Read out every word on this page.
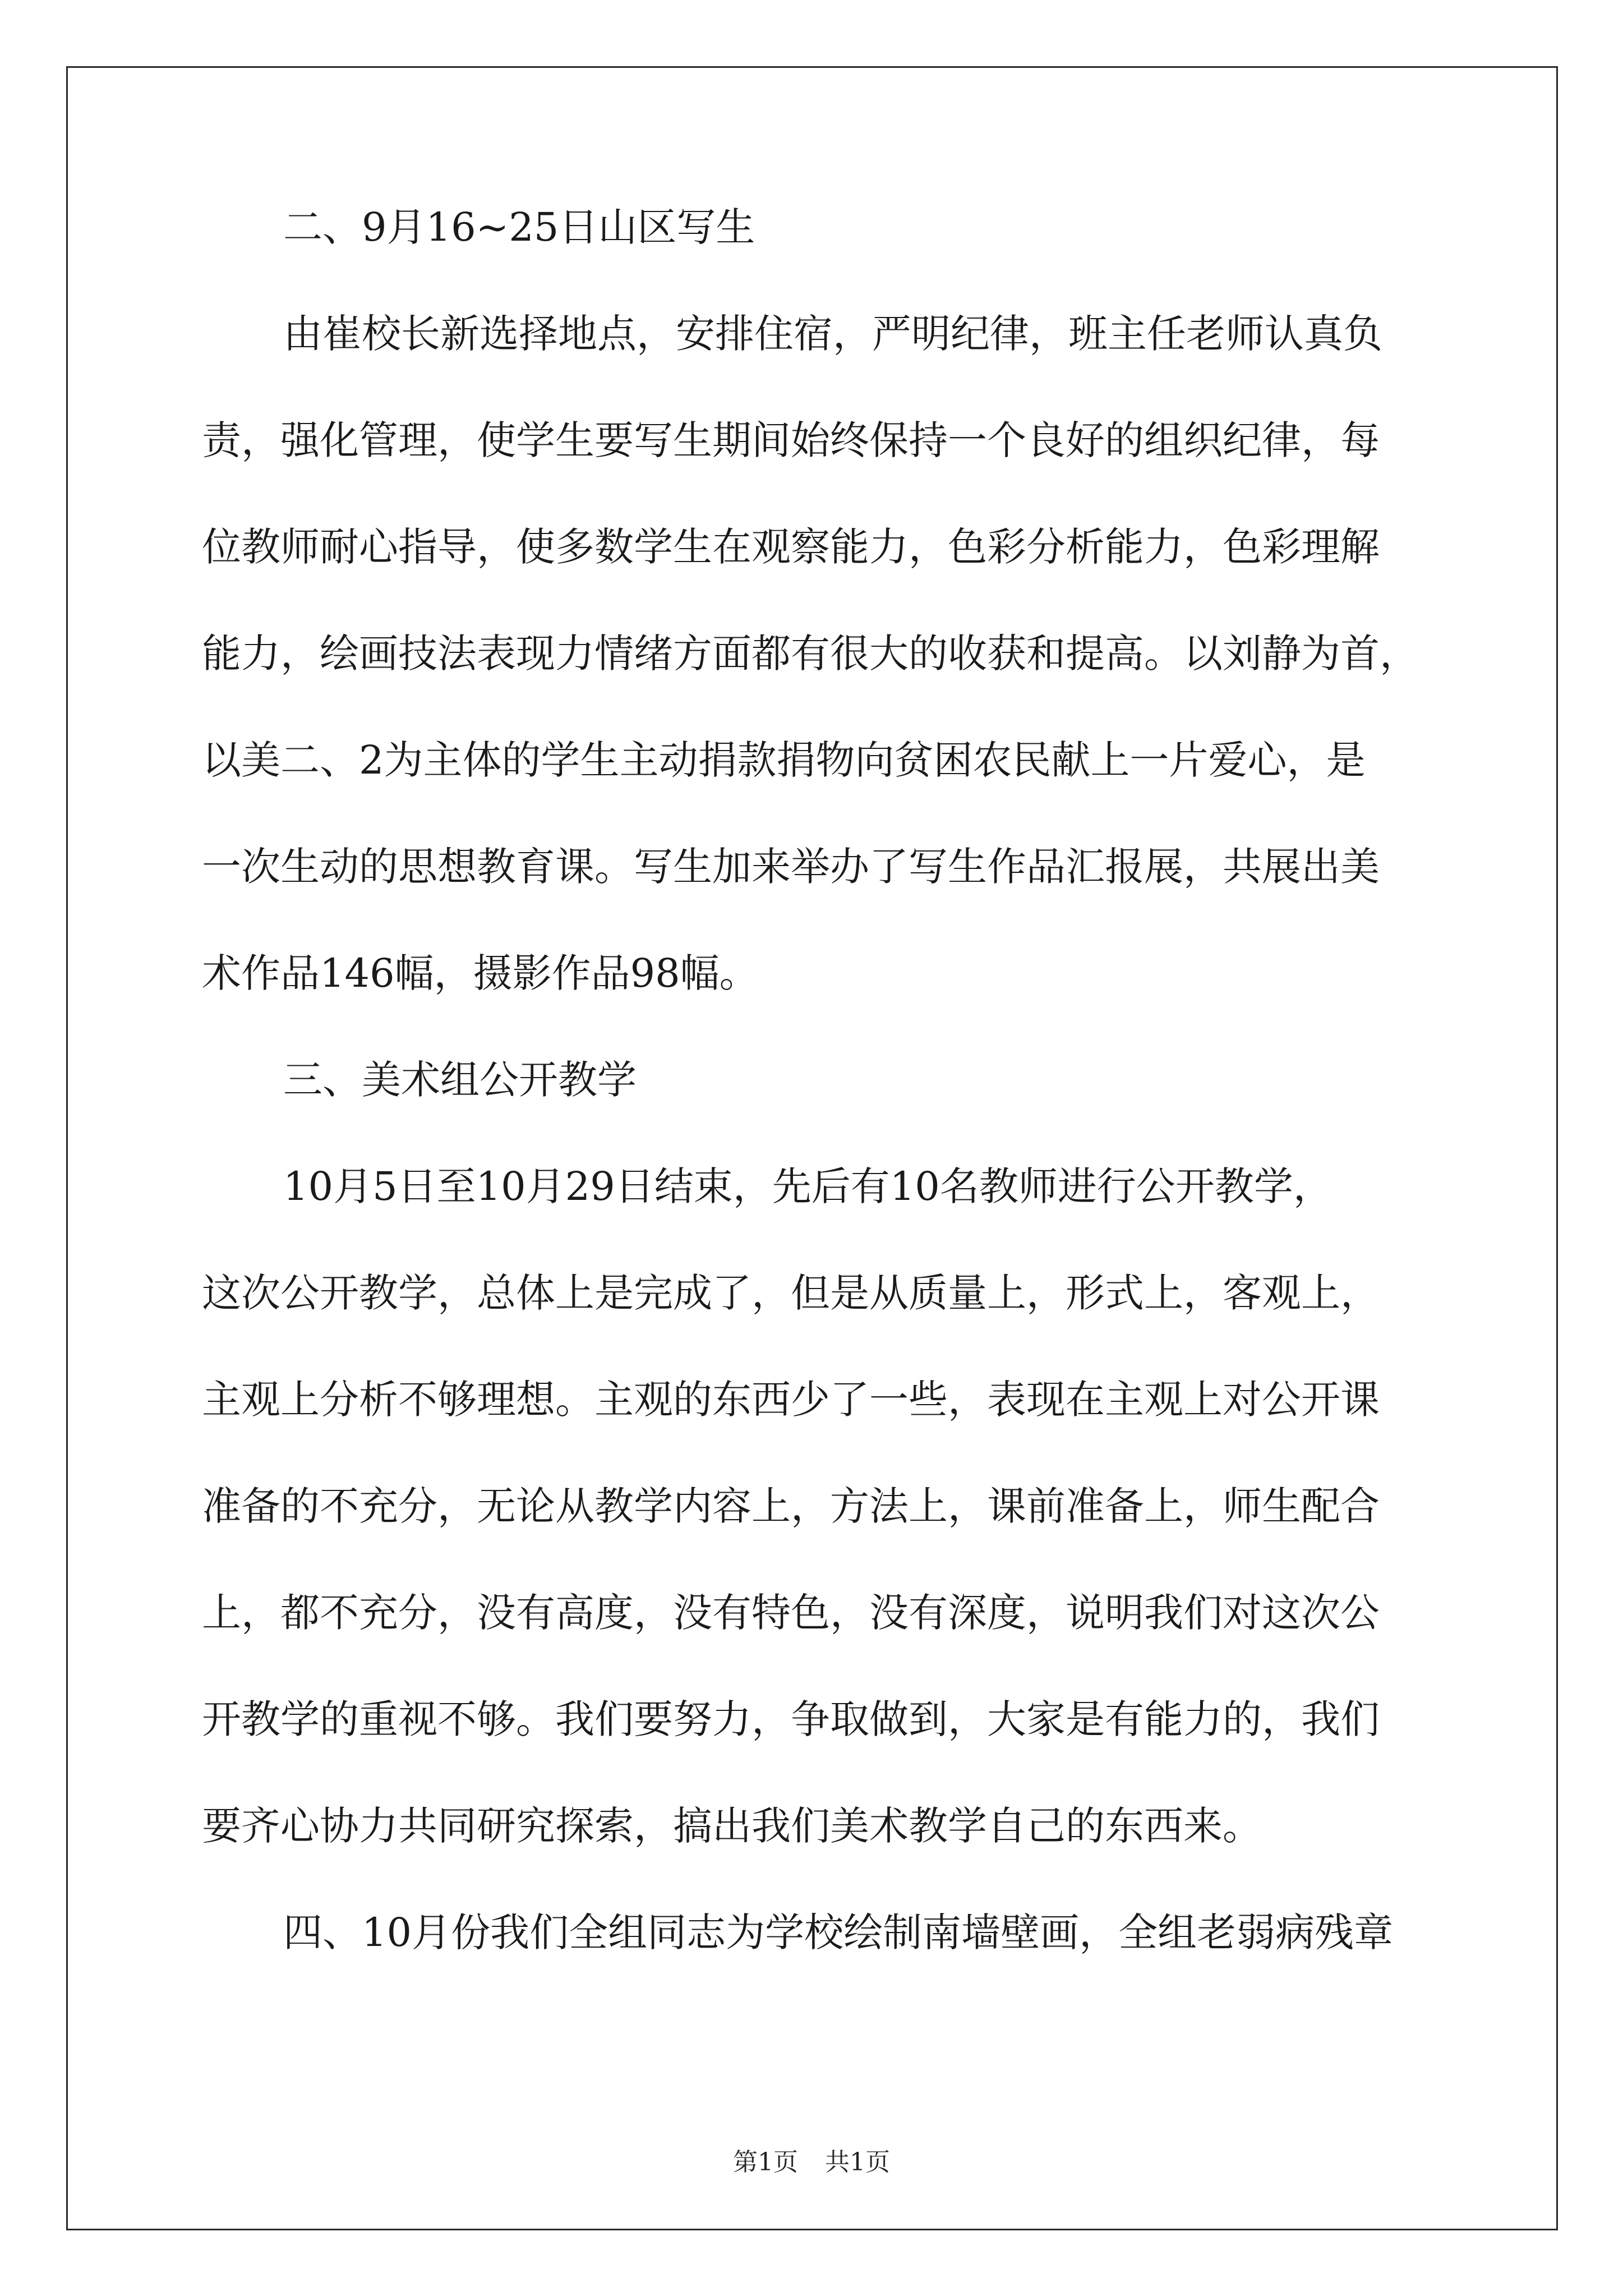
二、9月16~25日山区写生
由崔校长新选择地点，安排住宿，严明纪律，班主任老师认真负
责，强化管理，使学生要写生期间始终保持一个良好的组织纪律，每
位教师耐心指导，使多数学生在观察能力，色彩分析能力，色彩理解
能力，绘画技法表现力情绪方面都有很大的收获和提高。以刘静为首，
以美二、2为主体的学生主动捐款捐物向贫困农民献上一片爱心，是
一次生动的思想教育课。写生加来举办了写生作品汇报展，共展出美
术作品146幅，摄影作品98幅。
三、美术组公开教学
10月5日至10月29日结束，先后有10名教师进行公开教学，
这次公开教学，总体上是完成了，但是从质量上，形式上，客观上，
主观上分析不够理想。主观的东西少了一些，表现在主观上对公开课
准备的不充分，无论从教学内容上，方法上，课前准备上，师生配合
上，都不充分，没有高度，没有特色，没有深度，说明我们对这次公
开教学的重视不够。我们要努力，争取做到，大家是有能力的，我们
要齐心协力共同研究探索，搞出我们美术教学自己的东西来。
四、10月份我们全组同志为学校绘制南墙壁画，全组老弱病残章
第1页 共1页
